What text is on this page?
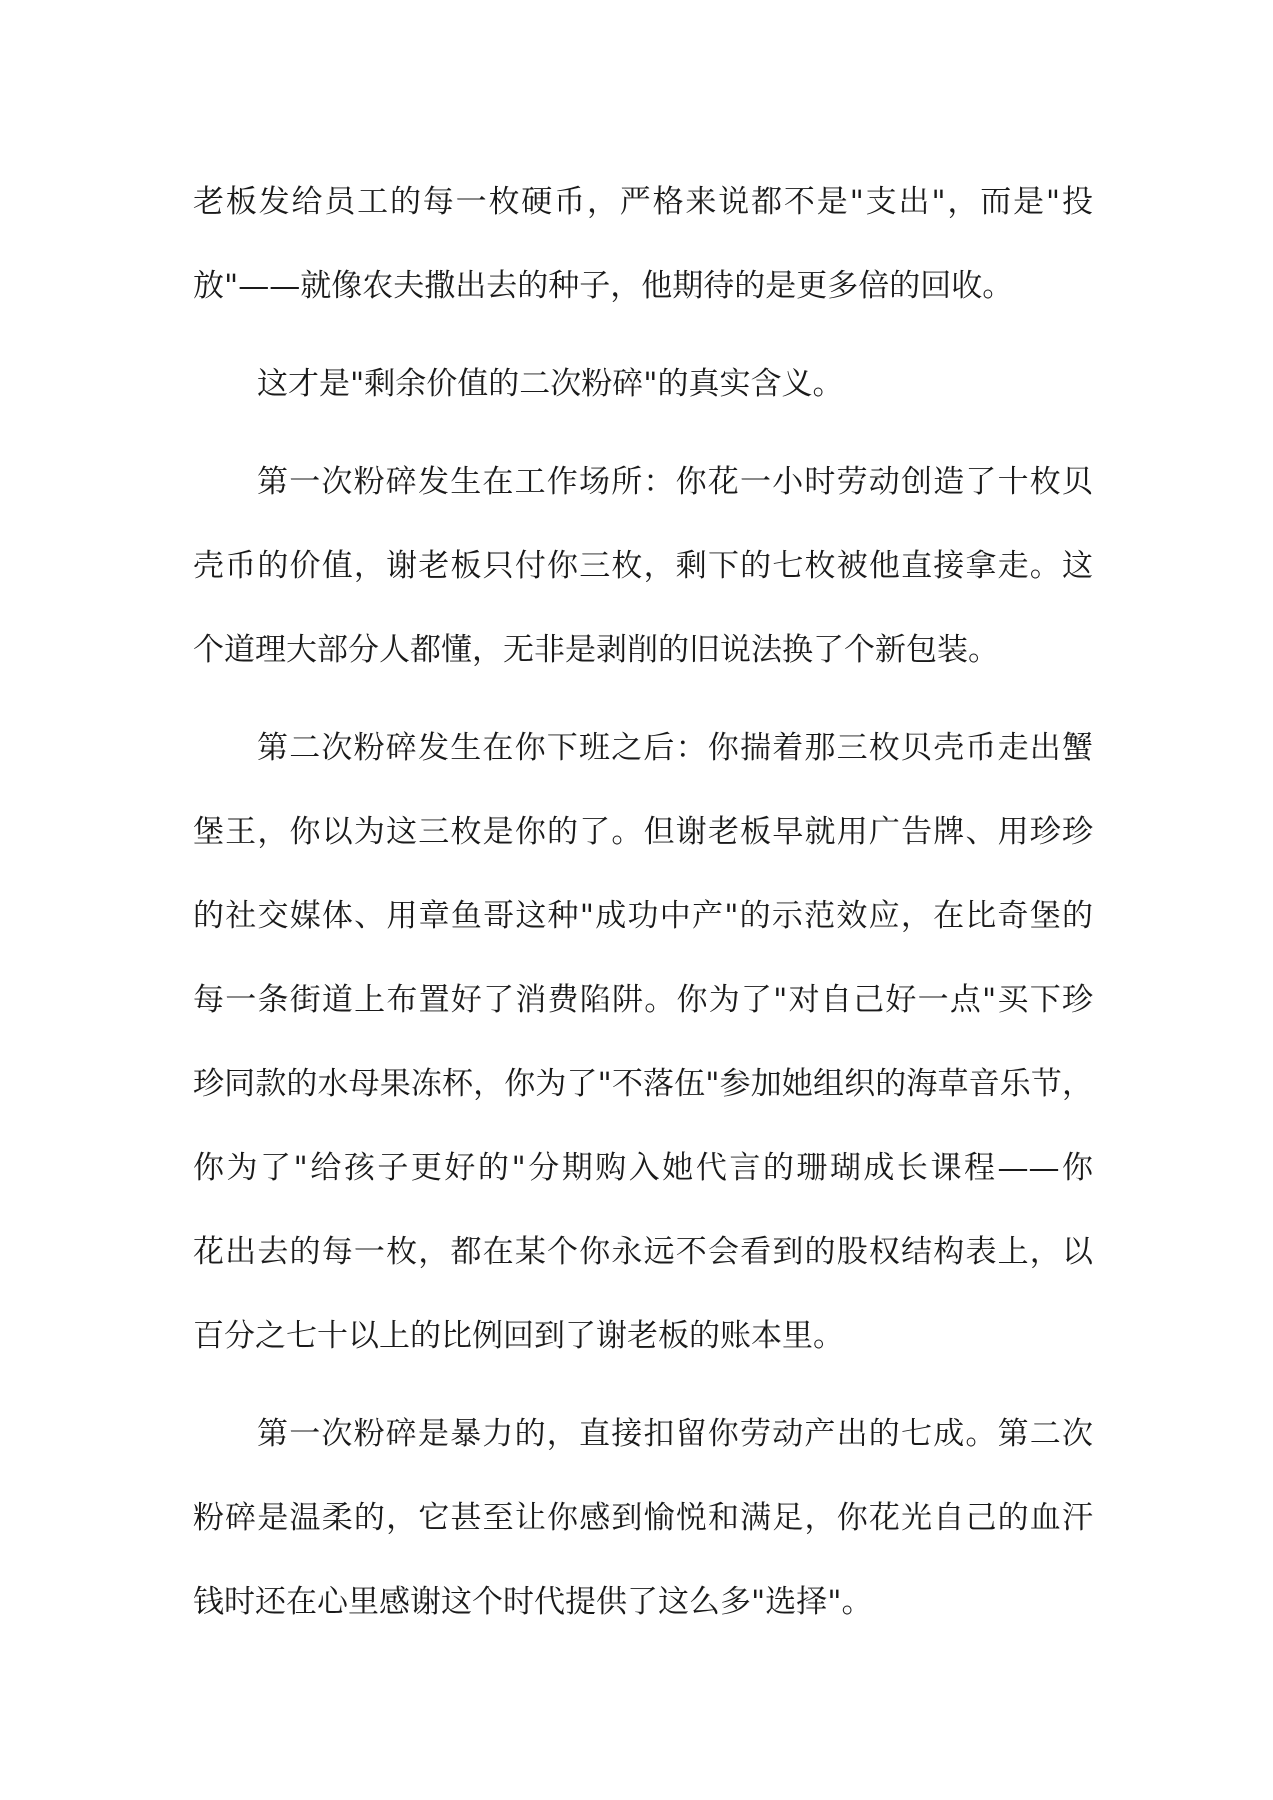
老板发给员工的每一枚硬币，严格来说都不是"支出"，而是"投
放"——就像农夫撒出去的种子，他期待的是更多倍的回收。
这才是"剩余价值的二次粉碎"的真实含义。
第一次粉碎发生在工作场所：你花一小时劳动创造了十枚贝
壳币的价值，谢老板只付你三枚，剩下的七枚被他直接拿走。这
个道理大部分人都懂，无非是剥削的旧说法换了个新包装。
第二次粉碎发生在你下班之后：你揣着那三枚贝壳币走出蟹
堡王，你以为这三枚是你的了。但谢老板早就用广告牌、用珍珍
的社交媒体、用章鱼哥这种"成功中产"的示范效应，在比奇堡的
每一条街道上布置好了消费陷阱。你为了"对自己好一点"买下珍
珍同款的水母果冻杯，你为了"不落伍"参加她组织的海草音乐节，
你为了"给孩子更好的"分期购入她代言的珊瑚成长课程——你
花出去的每一枚，都在某个你永远不会看到的股权结构表上，以
百分之七十以上的比例回到了谢老板的账本里。
第一次粉碎是暴力的，直接扣留你劳动产出的七成。第二次
粉碎是温柔的，它甚至让你感到愉悦和满足，你花光自己的血汗
钱时还在心里感谢这个时代提供了这么多"选择"。
